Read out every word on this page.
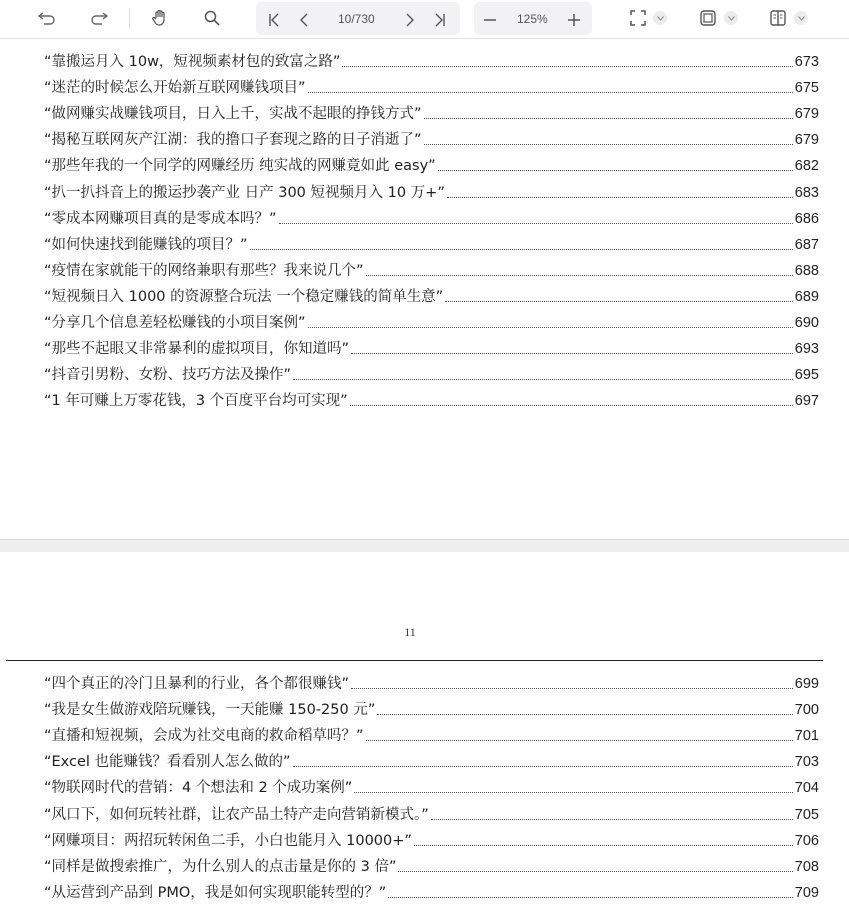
10/730	125%
“靠搬运月入 10w，短视频素材包的致富之路”	673
“迷茫的时候怎么开始新互联网赚钱项目”	675
“做网赚实战赚钱项目，日入上千，实战不起眼的挣钱方式”	679
“揭秘互联网灰产江湖：我的撸口子套现之路的日子消逝了”	679
“那些年我的一个同学的网赚经历 纯实战的网赚竟如此 easy”	682
“扒一扒抖音上的搬运抄袭产业 日产 300 短视频月入 10 万+”	683
“零成本网赚项目真的是零成本吗？”	686
“如何快速找到能赚钱的项目？”	687
“疫情在家就能干的网络兼职有那些？我来说几个”	688
“短视频日入 1000 的资源整合玩法 一个稳定赚钱的简单生意”	689
“分享几个信息差轻松赚钱的小项目案例”	690
“那些不起眼又非常暴利的虚拟项目，你知道吗”	693
“抖音引男粉、女粉、技巧方法及操作”	695
“1 年可赚上万零花钱，3 个百度平台均可实现”	697
11
“四个真正的冷门且暴利的行业，各个都很赚钱”	699
“我是女生做游戏陪玩赚钱，一天能赚 150-250 元”	700
“直播和短视频，会成为社交电商的救命稻草吗？”	701
“Excel 也能赚钱？看看别人怎么做的”	703
“物联网时代的营销：4 个想法和 2 个成功案例”	704
“风口下，如何玩转社群，让农产品土特产走向营销新模式。”	705
“网赚项目：两招玩转闲鱼二手，小白也能月入 10000+”	706
“同样是做搜索推广，为什么别人的点击量是你的 3 倍”	708
“从运营到产品到 PMO，我是如何实现职能转型的？”	709
